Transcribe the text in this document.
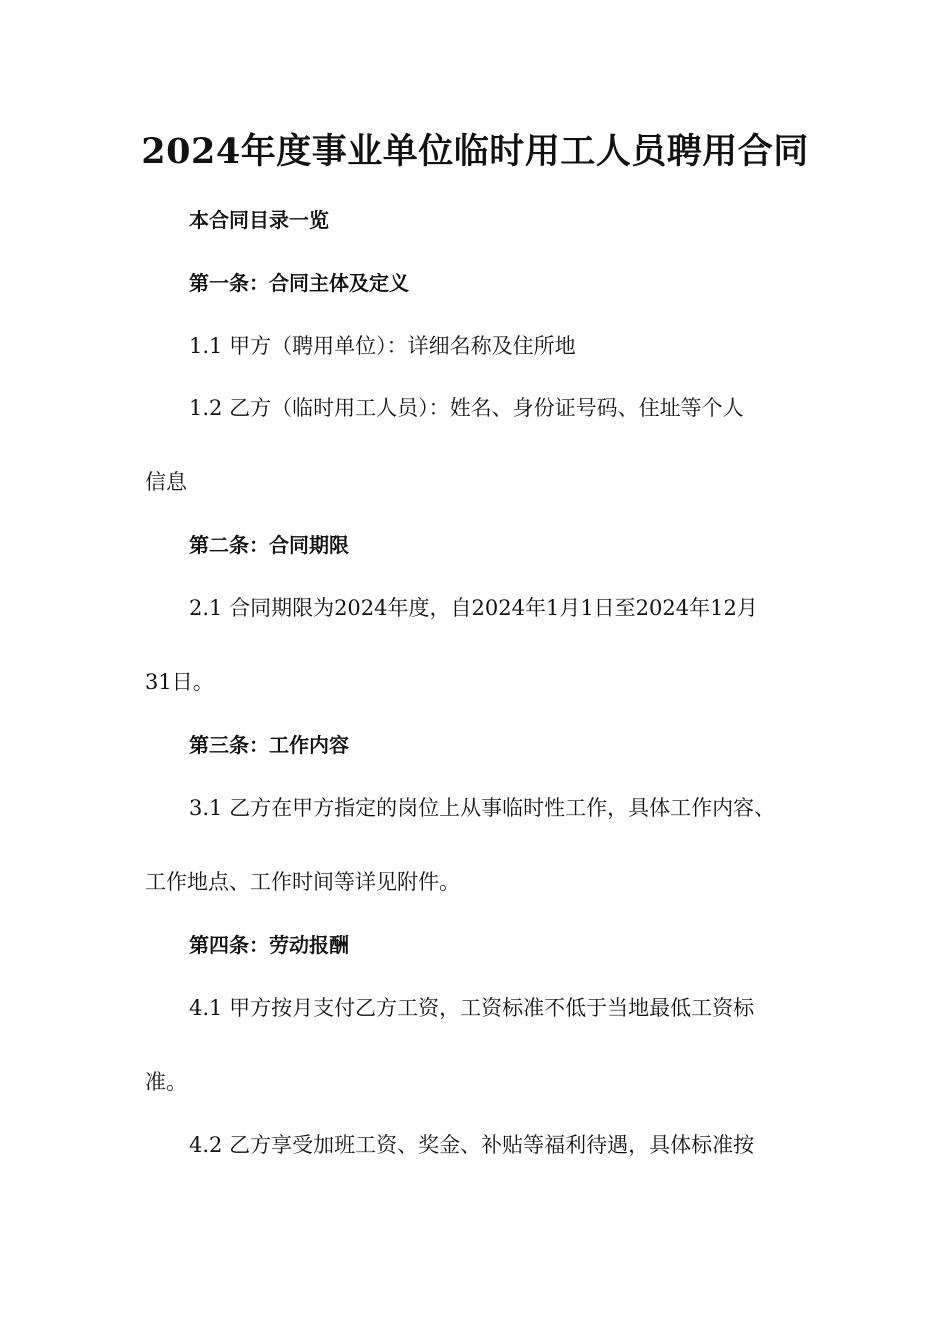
2024年度事业单位临时用工人员聘用合同
本合同目录一览
第一条：合同主体及定义
1.1 甲方（聘用单位）：详细名称及住所地
1.2 乙方（临时用工人员）：姓名、身份证号码、住址等个人
信息
第二条：合同期限
2.1 合同期限为2024年度，自2024年1月1日至2024年12月
31日。
第三条：工作内容
3.1 乙方在甲方指定的岗位上从事临时性工作，具体工作内容、
工作地点、工作时间等详见附件。
第四条：劳动报酬
4.1 甲方按月支付乙方工资，工资标准不低于当地最低工资标
准。
4.2 乙方享受加班工资、奖金、补贴等福利待遇，具体标准按
